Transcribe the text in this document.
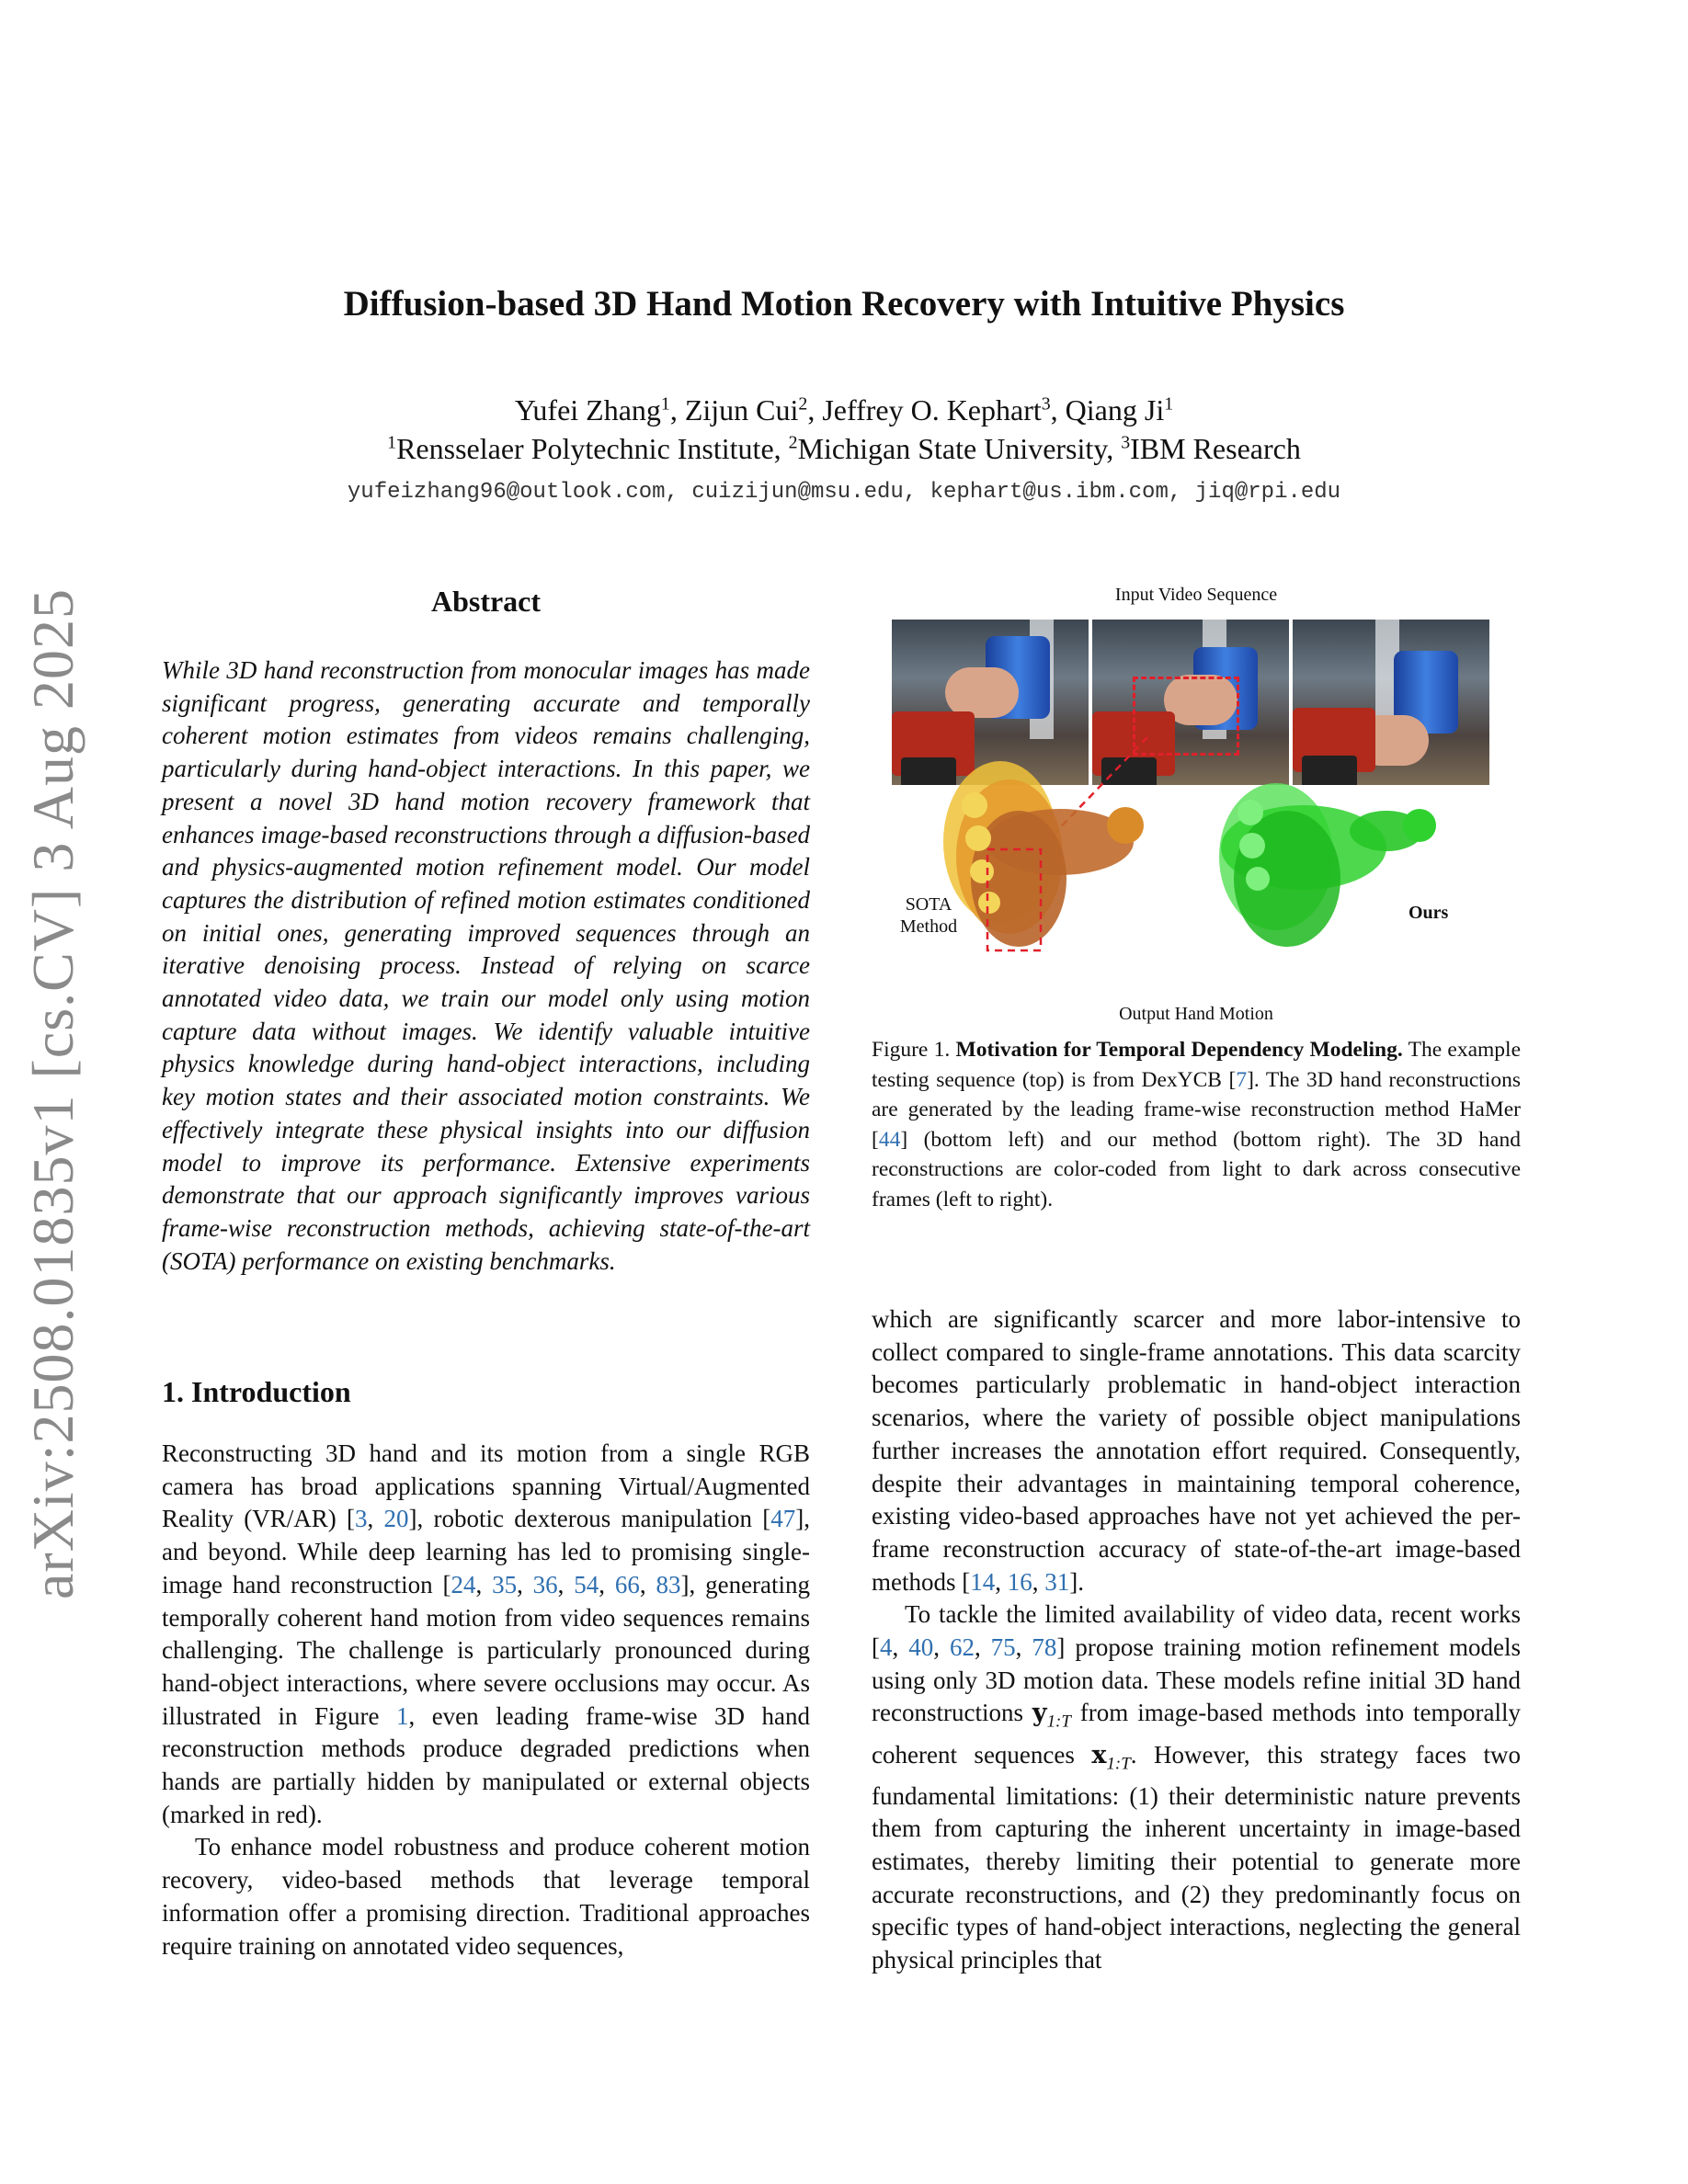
arXiv:2508.01835v1 [cs.CV] 3 Aug 2025
Diffusion-based 3D Hand Motion Recovery with Intuitive Physics
Yufei Zhang$^1$, Zijun Cui$^2$, Jeffrey O. Kephart$^3$, Qiang Ji$^1$
$^1$Rensselaer Polytechnic Institute, $^2$Michigan State University, $^3$IBM Research
yufeizhang96@outlook.com, cuizijun@msu.edu, kephart@us.ibm.com, jiq@rpi.edu
Abstract
While 3D hand reconstruction from monocular images has made significant progress, generating accurate and temporally coherent motion estimates from videos remains challenging, particularly during hand-object interactions. In this paper, we present a novel 3D hand motion recovery framework that enhances image-based reconstructions through a diffusion-based and physics-augmented motion refinement model. Our model captures the distribution of refined motion estimates conditioned on initial ones, generating improved sequences through an iterative denoising process. Instead of relying on scarce annotated video data, we train our model only using motion capture data without images. We identify valuable intuitive physics knowledge during hand-object interactions, including key motion states and their associated motion constraints. We effectively integrate these physical insights into our diffusion model to improve its performance. Extensive experiments demonstrate that our approach significantly improves various frame-wise reconstruction methods, achieving state-of-the-art (SOTA) performance on existing benchmarks.
1. Introduction

Reconstructing 3D hand and its motion from a single RGB camera has broad applications spanning Virtual/Augmented Reality (VR/AR) [3, 20], robotic dexterous manipulation [47], and beyond. While deep learning has led to promising single-image hand reconstruction [24, 35, 36, 54, 66, 83], generating temporally coherent hand motion from video sequences remains challenging. The challenge is particularly pronounced during hand-object interactions, where severe occlusions may occur. As illustrated in Figure 1, even leading frame-wise 3D hand reconstruction methods produce degraded predictions when hands are partially hidden by manipulated or external objects (marked in red).

To enhance model robustness and produce coherent motion recovery, video-based methods that leverage temporal information offer a promising direction. Traditional approaches require training on annotated video sequences,

Input Video Sequence
SOTA
Method
Ours
Output Hand Motion
Figure 1. Motivation for Temporal Dependency Modeling. The example testing sequence (top) is from DexYCB [7]. The 3D hand reconstructions are generated by the leading frame-wise reconstruction method HaMer [44] (bottom left) and our method (bottom right). The 3D hand reconstructions are color-coded from light to dark across consecutive frames (left to right).

which are significantly scarcer and more labor-intensive to collect compared to single-frame annotations. This data scarcity becomes particularly problematic in hand-object interaction scenarios, where the variety of possible object manipulations further increases the annotation effort required. Consequently, despite their advantages in maintaining temporal coherence, existing video-based approaches have not yet achieved the per-frame reconstruction accuracy of state-of-the-art image-based methods [14, 16, 31].

To tackle the limited availability of video data, recent works [4, 40, 62, 75, 78] propose training motion refinement models using only 3D motion data. These models refine initial 3D hand reconstructions $y_{1:T}$ from image-based methods into temporally coherent sequences $x_{1:T}$. However, this strategy faces two fundamental limitations: (1) their deterministic nature prevents them from capturing the inherent uncertainty in image-based estimates, thereby limiting their potential to generate more accurate reconstructions, and (2) they predominantly focus on specific types of hand-object interactions, neglecting the general physical principles that
